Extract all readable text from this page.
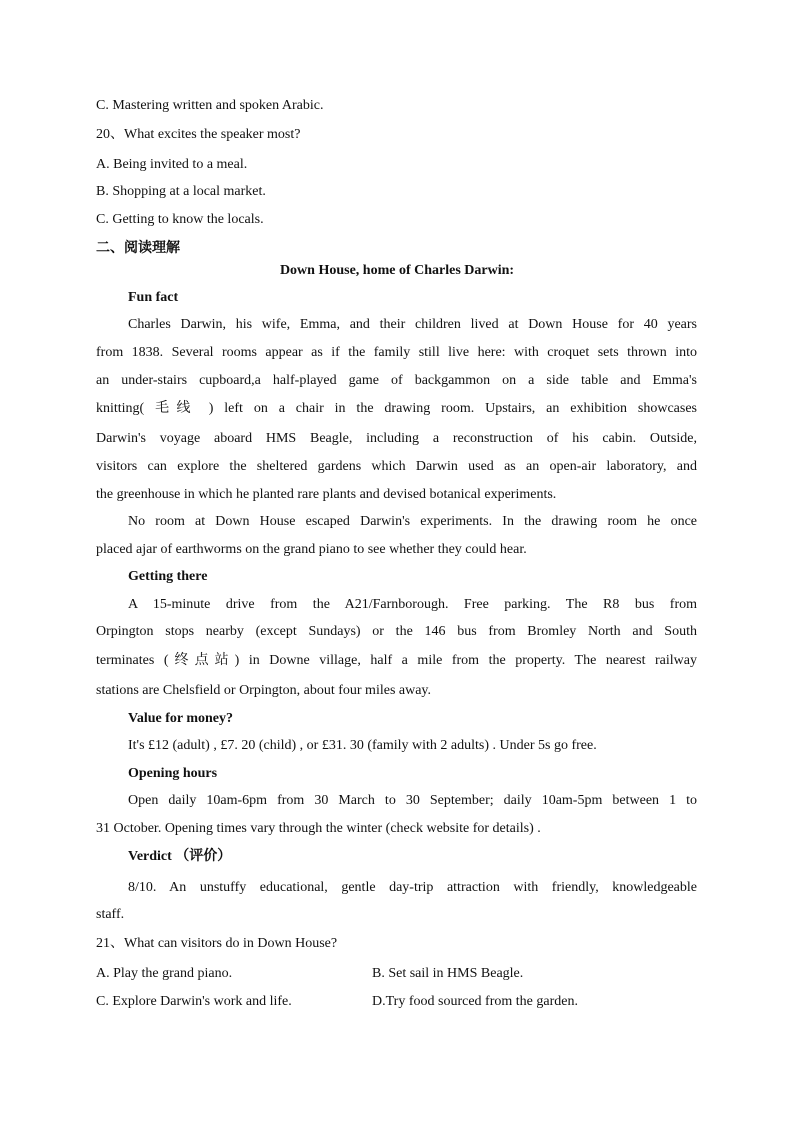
C. Mastering written and spoken Arabic.
20、What excites the speaker most?
A. Being invited to a meal.
B. Shopping at a local market.
C. Getting to know the locals.
二、阅读理解
Down House, home of Charles Darwin:
Fun fact
Charles Darwin, his wife, Emma, and their children lived at Down House for 40 years
from 1838. Several rooms appear as if the family still live here: with croquet sets thrown into
an under-stairs cupboard,a half-played game of backgammon on a side table and Emma's
knitting( 毛线 ) left on a chair in the drawing room. Upstairs, an exhibition showcases
Darwin's voyage aboard HMS Beagle, including a reconstruction of his cabin. Outside,
visitors can explore the sheltered gardens which Darwin used as an open-air laboratory, and
the greenhouse in which he planted rare plants and devised botanical experiments.
No room at Down House escaped Darwin's experiments. In the drawing room he once
placed ajar of earthworms on the grand piano to see whether they could hear.
Getting there
A 15-minute drive from the A21/Farnborough. Free parking. The R8 bus from
Orpington stops nearby (except Sundays) or the 146 bus from Bromley North and South
terminates (终点站) in Downe village, half a mile from the property. The nearest railway
stations are Chelsfield or Orpington, about four miles away.
Value for money?
It's £12 (adult) , £7. 20 (child) , or £31. 30 (family with 2 adults) . Under 5s go free.
Opening hours
Open daily 10am-6pm from 30 March to 30 September; daily 10am-5pm between 1 to
31 October. Opening times vary through the winter (check website for details) .
Verdict （评价）
8/10. An unstuffy educational, gentle day-trip attraction with friendly, knowledgeable
staff.
21、What can visitors do in Down House?
A. Play the grand piano.	B. Set sail in HMS Beagle.
C. Explore Darwin's work and life.	D.Try food sourced from the garden.
